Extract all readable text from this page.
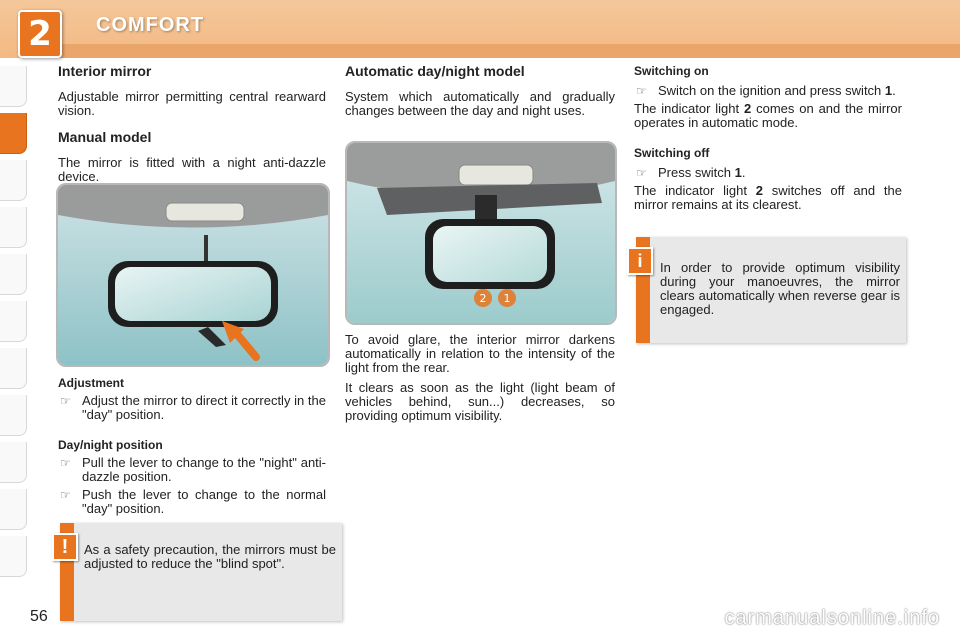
2	COMFORT
Interior mirror

Adjustable mirror permitting central rearward vision.

Manual model

The mirror is fitted with a night anti-dazzle device.

Adjustment

☞ Adjust the mirror to direct it correctly in the "day" position.

Day/night position

☞ Pull the lever to change to the "night" anti-dazzle position.

☞ Push the lever to change to the normal "day" position.

As a safety precaution, the mirrors must be adjusted to reduce the "blind spot".

!
Automatic day/night model

System which automatically and gradually changes between the day and night uses.

2 1

To avoid glare, the interior mirror darkens automatically in relation to the intensity of the light from the rear.

It clears as soon as the light (light beam of vehicles behind, sun...) decreases, so providing optimum visibility.

Switching on

☞ Switch on the ignition and press switch 1.

The indicator light 2 comes on and the mirror operates in automatic mode.

Switching off

☞ Press switch 1.

The indicator light 2 switches off and the mirror remains at its clearest.

In order to provide optimum visibility during your manoeuvres, the mirror clears automatically when reverse gear is engaged.

i
56	carmanualsonline.info
